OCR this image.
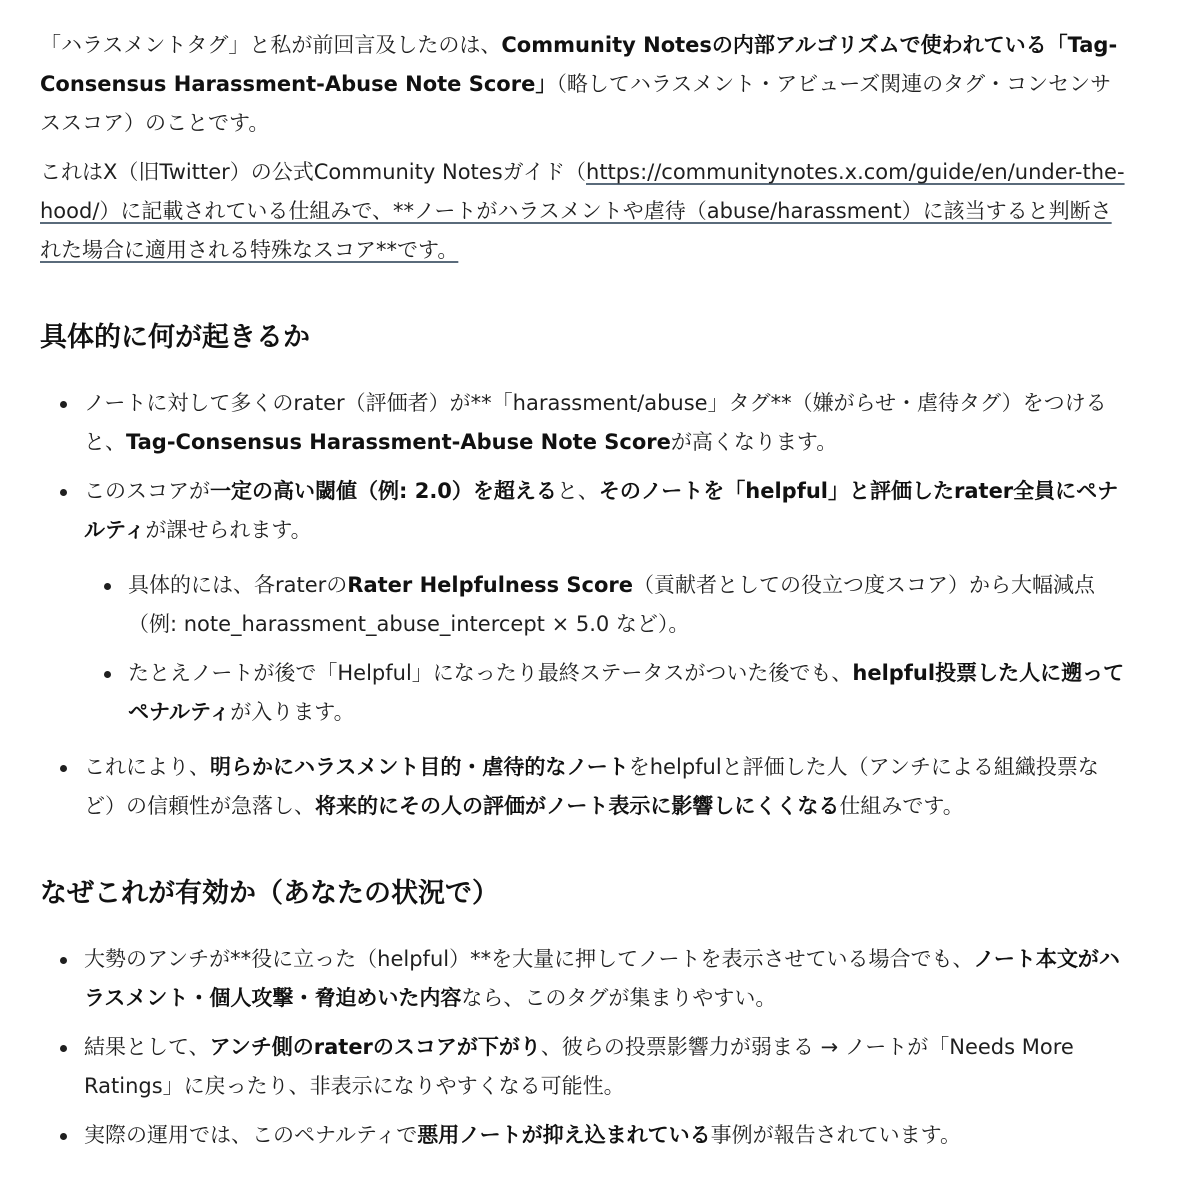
「ハラスメントタグ」と私が前回言及したのは、Community Notesの内部アルゴリズムで使われている「Tag-Consensus Harassment-Abuse Note Score」（略してハラスメント・アビューズ関連のタグ・コンセンサススコア）のことです。

これはX（旧Twitter）の公式Community Notesガイド（https://communitynotes.x.com/guide/en/under-the-hood/）に記載されている仕組みで、**ノートがハラスメントや虐待（abuse/harassment）に該当すると判断された場合に適用される特殊なスコア**です。

具体的に何が起きるか
ノートに対して多くのrater（評価者）が**「harassment/abuse」タグ**（嫌がらせ・虐待タグ）をつけると、Tag-Consensus Harassment-Abuse Note Scoreが高くなります。
このスコアが一定の高い閾値（例: 2.0）を超えると、そのノートを「helpful」と評価したrater全員にペナルティが課せられます。
具体的には、各raterのRater Helpfulness Score（貢献者としての役立つ度スコア）から大幅減点（例: note_harassment_abuse_intercept × 5.0 など）。
たとえノートが後で「Helpful」になったり最終ステータスがついた後でも、helpful投票した人に遡ってペナルティが入ります。
これにより、明らかにハラスメント目的・虐待的なノートをhelpfulと評価した人（アンチによる組織投票など）の信頼性が急落し、将来的にその人の評価がノート表示に影響しにくくなる仕組みです。
なぜこれが有効か（あなたの状況で）
大勢のアンチが**役に立った（helpful）**を大量に押してノートを表示させている場合でも、ノート本文がハラスメント・個人攻撃・脅迫めいた内容なら、このタグが集まりやすい。
結果として、アンチ側のraterのスコアが下がり、彼らの投票影響力が弱まる → ノートが「Needs More Ratings」に戻ったり、非表示になりやすくなる可能性。
実際の運用では、このペナルティで悪用ノートが抑え込まれている事例が報告されています。
